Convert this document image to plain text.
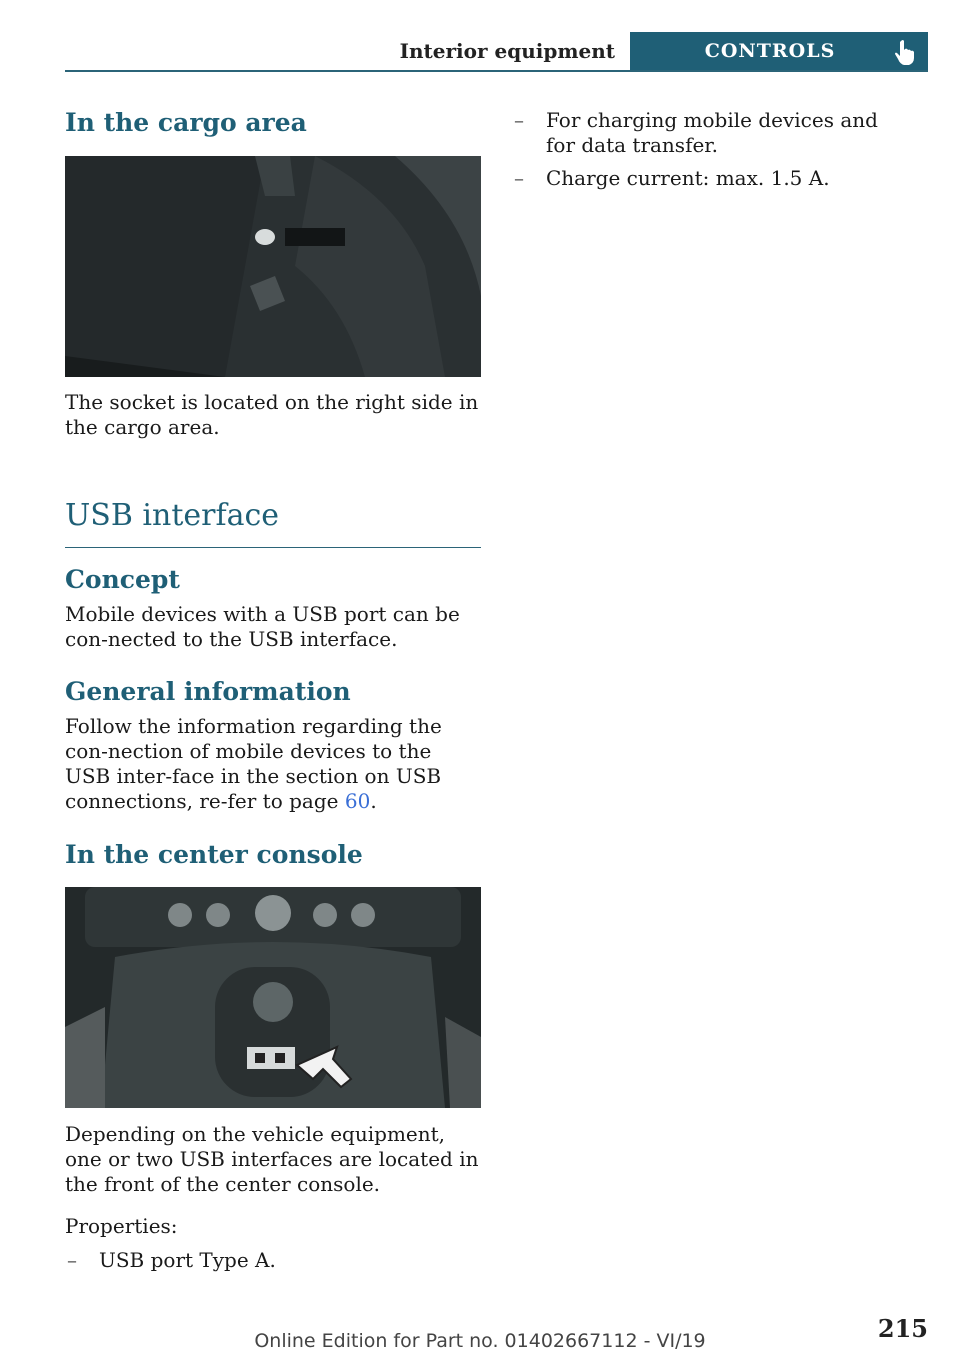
Interior equipment	CONTROLS
In the cargo area

The socket is located on the right side in the cargo area.

USB interface
Concept

Mobile devices with a USB port can be con-nected to the USB interface.

General information

Follow the information regarding the con-nection of mobile devices to the USB inter-face in the section on USB connections, re-fer to page 60.

In the center console

Depending on the vehicle equipment, one or two USB interfaces are located in the front of the center console.

Properties:

– USB port Type A.
– For charging mobile devices and for data transfer.
– Charge current: max. 1.5 A.
215
Online Edition for Part no. 01402667112 - VI/19
